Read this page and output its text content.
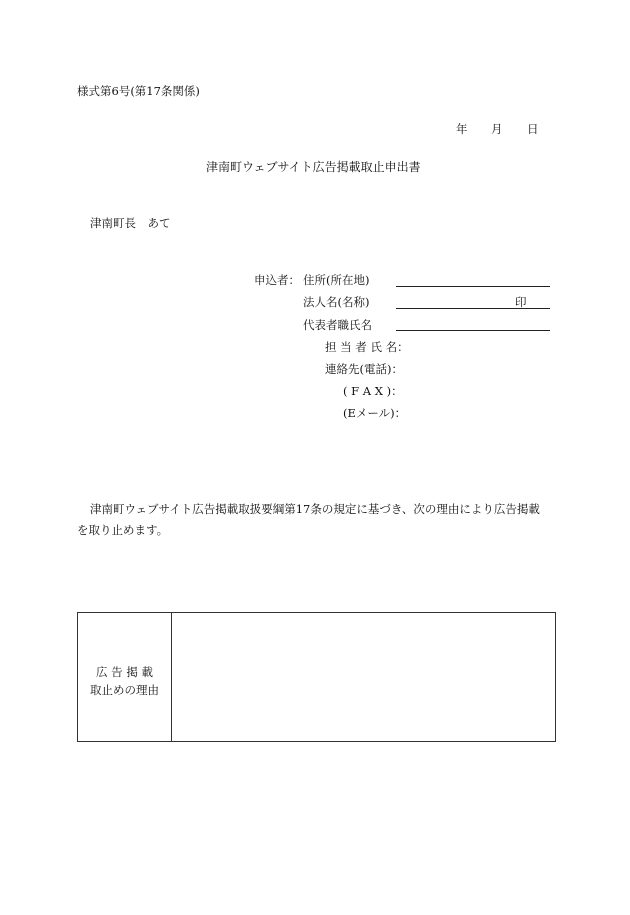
様式第6号(第17条関係)
年 月 日
津南町ウェブサイト広告掲載取止申出書
津南町長　あて
申込者： 住所(所在地)
法人名(名称)	印
代表者職氏名
担 当 者 氏 名：
連絡先(電話)：
( F A X )：
(Eメール)：
津南町ウェブサイト広告掲載取扱要綱第17条の規定に基づき、次の理由により広告掲載
を取り止めます。
広 告 掲 載
取止めの理由
